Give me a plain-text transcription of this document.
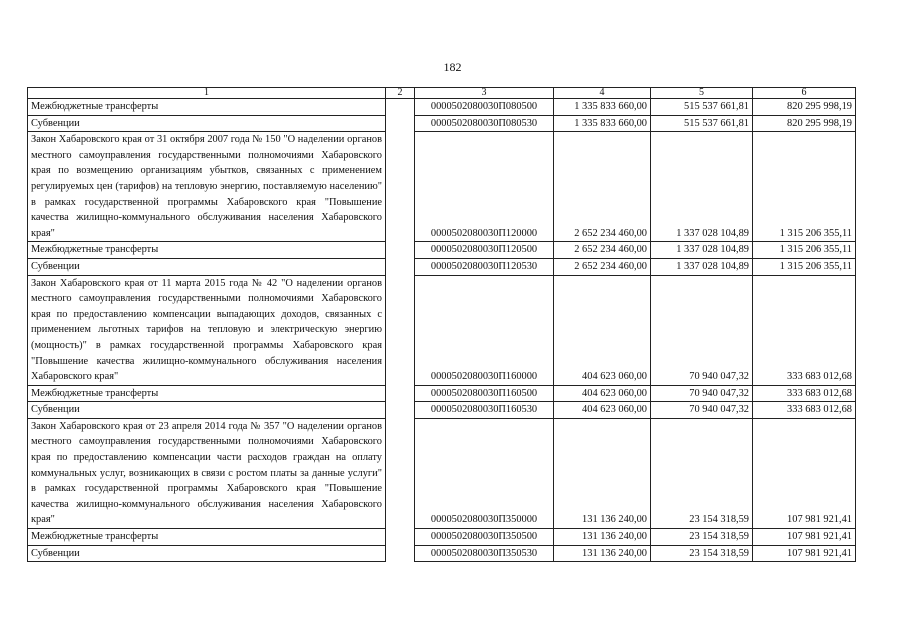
182
1	2	3	4	5	6
Межбюджетные трансферты		0000502080030П080500	1 335 833 660,00	515 537 661,81	820 295 998,19
Субвенции		0000502080030П080530	1 335 833 660,00	515 537 661,81	820 295 998,19
Закон Хабаровского края от 31 октября 2007 года № 150 "О наделении органов местного самоуправления государственными полномочиями Хабаровского края по возмещению организациям убытков, связанных с применением регулируемых цен (тарифов) на тепловую энергию, поставляемую населению" в рамках государственной программы Хабаровского края "Повышение качества жилищно-коммунального обслуживания населения Хабаровского края"		0000502080030П120000	2 652 234 460,00	1 337 028 104,89	1 315 206 355,11
Межбюджетные трансферты		0000502080030П120500	2 652 234 460,00	1 337 028 104,89	1 315 206 355,11
Субвенции		0000502080030П120530	2 652 234 460,00	1 337 028 104,89	1 315 206 355,11
Закон Хабаровского края от 11 марта 2015 года № 42 "О наделении органов местного самоуправления государственными полномочиями Хабаровского края по предоставлению компенсации выпадающих доходов, связанных с применением льготных тарифов на тепловую и электрическую энергию (мощность)" в рамках государственной программы Хабаровского края "Повышение качества жилищно-коммунального обслуживания населения Хабаровского края"		0000502080030П160000	404 623 060,00	70 940 047,32	333 683 012,68
Межбюджетные трансферты		0000502080030П160500	404 623 060,00	70 940 047,32	333 683 012,68
Субвенции		0000502080030П160530	404 623 060,00	70 940 047,32	333 683 012,68
Закон Хабаровского края от 23 апреля 2014 года № 357 "О наделении органов местного самоуправления государственными полномочиями Хабаровского края по предоставлению компенсации части расходов граждан на оплату коммунальных услуг, возникающих в связи с ростом платы за данные услуги" в рамках государственной программы Хабаровского края "Повышение качества жилищно-коммунального обслуживания населения Хабаровского края"		0000502080030П350000	131 136 240,00	23 154 318,59	107 981 921,41
Межбюджетные трансферты		0000502080030П350500	131 136 240,00	23 154 318,59	107 981 921,41
Субвенции		0000502080030П350530	131 136 240,00	23 154 318,59	107 981 921,41
